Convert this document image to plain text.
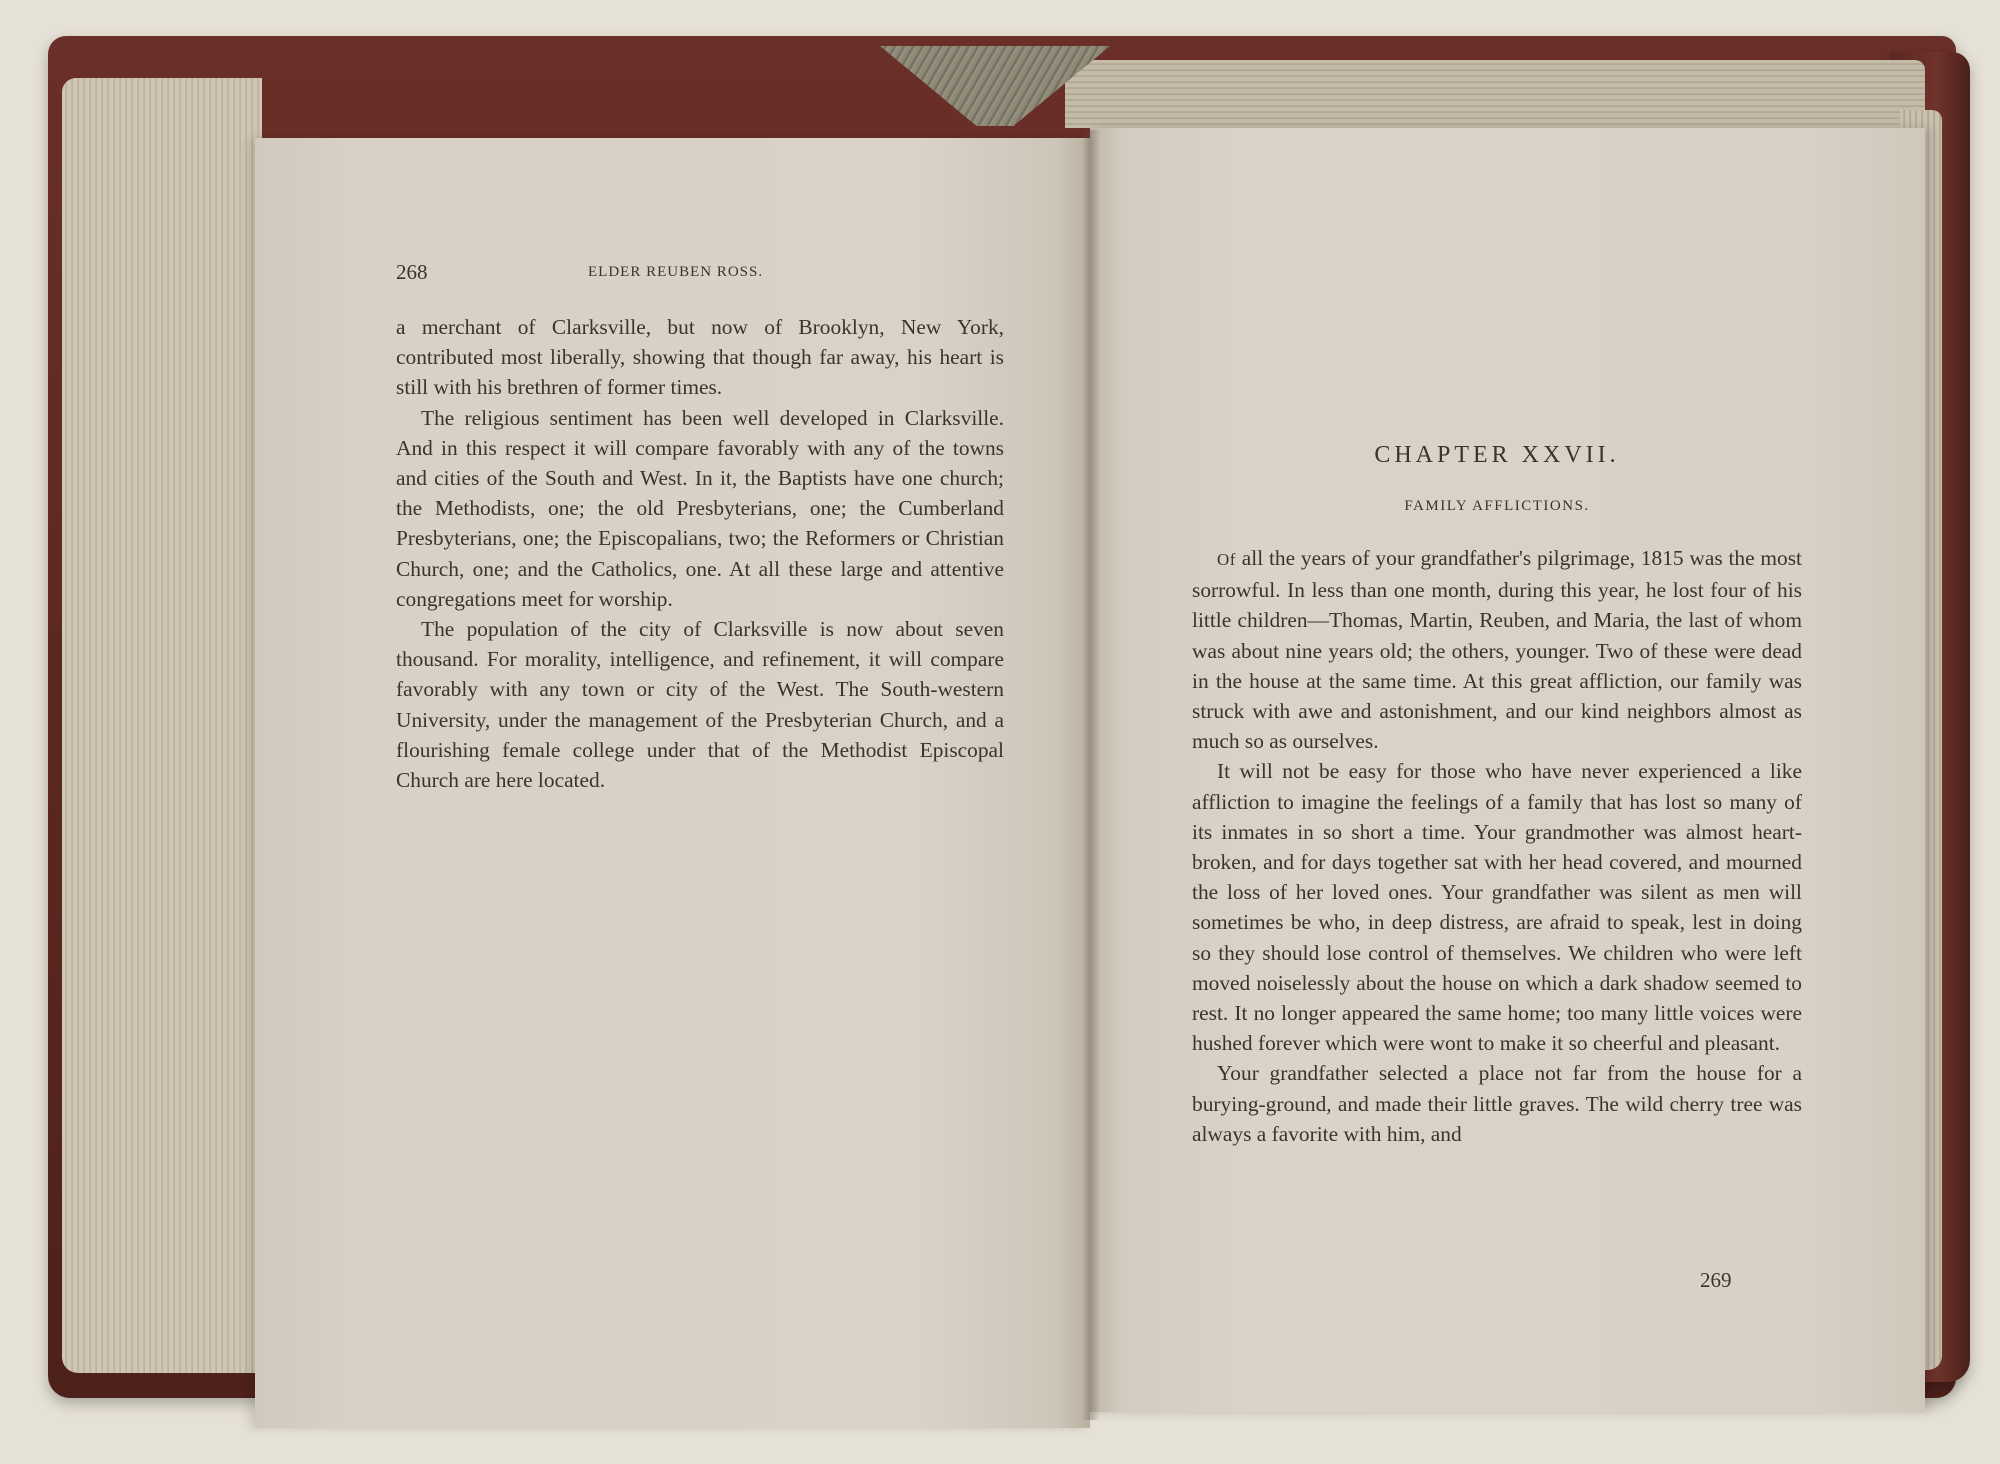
268	ELDER REUBEN ROSS.

a merchant of Clarksville, but now of Brooklyn, New York, contributed most liberally, showing that though far away, his heart is still with his brethren of former times.

The religious sentiment has been well developed in Clarksville. And in this respect it will compare favorably with any of the towns and cities of the South and West. In it, the Baptists have one church; the Methodists, one; the old Presbyterians, one; the Cumberland Presbyterians, one; the Episcopalians, two; the Reformers or Christian Church, one; and the Catholics, one. At all these large and attentive congregations meet for worship.

The population of the city of Clarksville is now about seven thousand. For morality, intelligence, and refinement, it will compare favorably with any town or city of the West. The South-western University, under the management of the Presbyterian Church, and a flourishing female college under that of the Methodist Episcopal Church are here located.

CHAPTER XXVII.
FAMILY AFFLICTIONS.

Of all the years of your grandfather's pilgrimage, 1815 was the most sorrowful. In less than one month, during this year, he lost four of his little children—Thomas, Martin, Reuben, and Maria, the last of whom was about nine years old; the others, younger. Two of these were dead in the house at the same time. At this great affliction, our family was struck with awe and astonishment, and our kind neighbors almost as much so as ourselves.

It will not be easy for those who have never experienced a like affliction to imagine the feelings of a family that has lost so many of its inmates in so short a time. Your grandmother was almost heart-broken, and for days together sat with her head covered, and mourned the loss of her loved ones. Your grandfather was silent as men will sometimes be who, in deep distress, are afraid to speak, lest in doing so they should lose control of themselves. We children who were left moved noiselessly about the house on which a dark shadow seemed to rest. It no longer appeared the same home; too many little voices were hushed forever which were wont to make it so cheerful and pleasant.

Your grandfather selected a place not far from the house for a burying-ground, and made their little graves. The wild cherry tree was always a favorite with him, and

269
